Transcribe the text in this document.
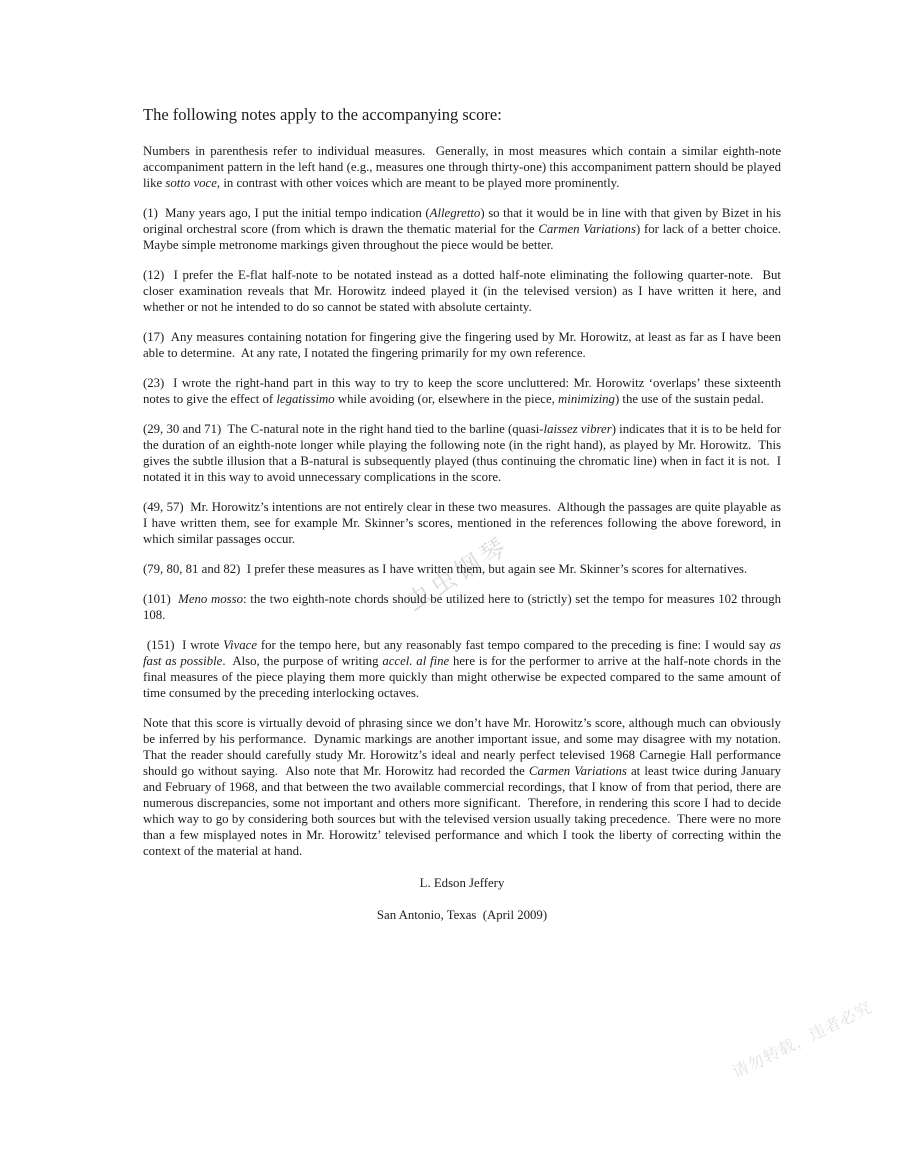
虫虫钢琴
请勿转载，违者必究
The following notes apply to the accompanying score:

Numbers in parenthesis refer to individual measures.  Generally, in most measures which contain a similar eighth-note accompaniment pattern in the left hand (e.g., measures one through thirty-one) this accompaniment pattern should be played like sotto voce, in contrast with other voices which are meant to be played more prominently.

(1)  Many years ago, I put the initial tempo indication (Allegretto) so that it would be in line with that given by Bizet in his original orchestral score (from which is drawn the thematic material for the Carmen Variations) for lack of a better choice.  Maybe simple metronome markings given throughout the piece would be better.

(12)  I prefer the E-flat half-note to be notated instead as a dotted half-note eliminating the following quarter-note.  But closer examination reveals that Mr. Horowitz indeed played it (in the televised version) as I have written it here, and whether or not he intended to do so cannot be stated with absolute certainty.

(17)  Any measures containing notation for fingering give the fingering used by Mr. Horowitz, at least as far as I have been able to determine.  At any rate, I notated the fingering primarily for my own reference.

(23)  I wrote the right-hand part in this way to try to keep the score uncluttered: Mr. Horowitz ‘overlaps’ these sixteenth notes to give the effect of legatissimo while avoiding (or, elsewhere in the piece, minimizing) the use of the sustain pedal.

(29, 30 and 71)  The C-natural note in the right hand tied to the barline (quasi-laissez vibrer) indicates that it is to be held for the duration of an eighth-note longer while playing the following note (in the right hand), as played by Mr. Horowitz.  This gives the subtle illusion that a B-natural is subsequently played (thus continuing the chromatic line) when in fact it is not.  I notated it in this way to avoid unnecessary complications in the score.

(49, 57)  Mr. Horowitz’s intentions are not entirely clear in these two measures.  Although the passages are quite playable as I have written them, see for example Mr. Skinner’s scores, mentioned in the references following the above foreword, in which similar passages occur.

(79, 80, 81 and 82)  I prefer these measures as I have written them, but again see Mr. Skinner’s scores for alternatives.

(101)  Meno mosso: the two eighth-note chords should be utilized here to (strictly) set the tempo for measures 102 through 108.

(151)  I wrote Vivace for the tempo here, but any reasonably fast tempo compared to the preceding is fine: I would say as fast as possible.  Also, the purpose of writing accel. al fine here is for the performer to arrive at the half-note chords in the final measures of the piece playing them more quickly than might otherwise be expected compared to the same amount of time consumed by the preceding interlocking octaves.

Note that this score is virtually devoid of phrasing since we don’t have Mr. Horowitz’s score, although much can obviously be inferred by his performance.  Dynamic markings are another important issue, and some may disagree with my notation.  That the reader should carefully study Mr. Horowitz’s ideal and nearly perfect televised 1968 Carnegie Hall performance should go without saying.  Also note that Mr. Horowitz had recorded the Carmen Variations at least twice during January and February of 1968, and that between the two available commercial recordings, that I know of from that period, there are numerous discrepancies, some not important and others more significant.  Therefore, in rendering this score I had to decide which way to go by considering both sources but with the televised version usually taking precedence.  There were no more than a few misplayed notes in Mr. Horowitz’ televised performance and which I took the liberty of correcting within the context of the material at hand.

L. Edson Jeffery

San Antonio, Texas  (April 2009)
